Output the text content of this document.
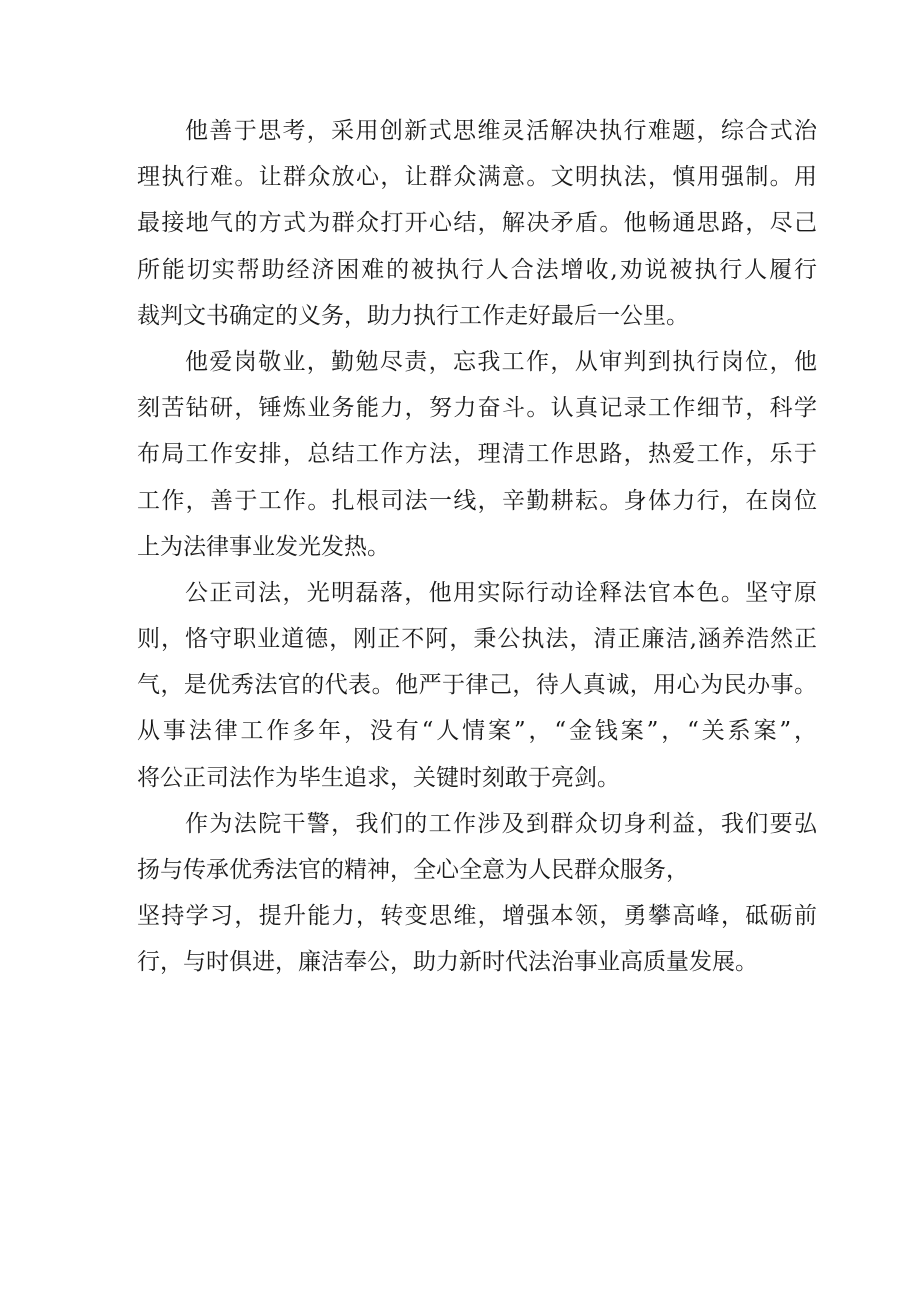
他善于思考，采用创新式思维灵活解决执行难题，综合式治
理执行难。让群众放心，让群众满意。文明执法，慎用强制。用
最接地气的方式为群众打开心结，解决矛盾。他畅通思路，尽己
所能切实帮助经济困难的被执行人合法增收,劝说被执行人履行
裁判文书确定的义务，助力执行工作走好最后一公里。
他爱岗敬业，勤勉尽责，忘我工作，从审判到执行岗位，他
刻苦钻研，锤炼业务能力，努力奋斗。认真记录工作细节，科学
布局工作安排，总结工作方法，理清工作思路，热爱工作，乐于
工作，善于工作。扎根司法一线，辛勤耕耘。身体力行，在岗位
上为法律事业发光发热。
公正司法，光明磊落，他用实际行动诠释法官本色。坚守原
则，恪守职业道德，刚正不阿，秉公执法，清正廉洁,涵养浩然正
气，是优秀法官的代表。他严于律己，待人真诚，用心为民办事。
从事法律工作多年，没有“人情案”，“金钱案”，“关系案”，
将公正司法作为毕生追求，关键时刻敢于亮剑。
作为法院干警，我们的工作涉及到群众切身利益，我们要弘
扬与传承优秀法官的精神，全心全意为人民群众服务，
坚持学习，提升能力，转变思维，增强本领，勇攀高峰，砥砺前
行，与时俱进，廉洁奉公，助力新时代法治事业高质量发展。
